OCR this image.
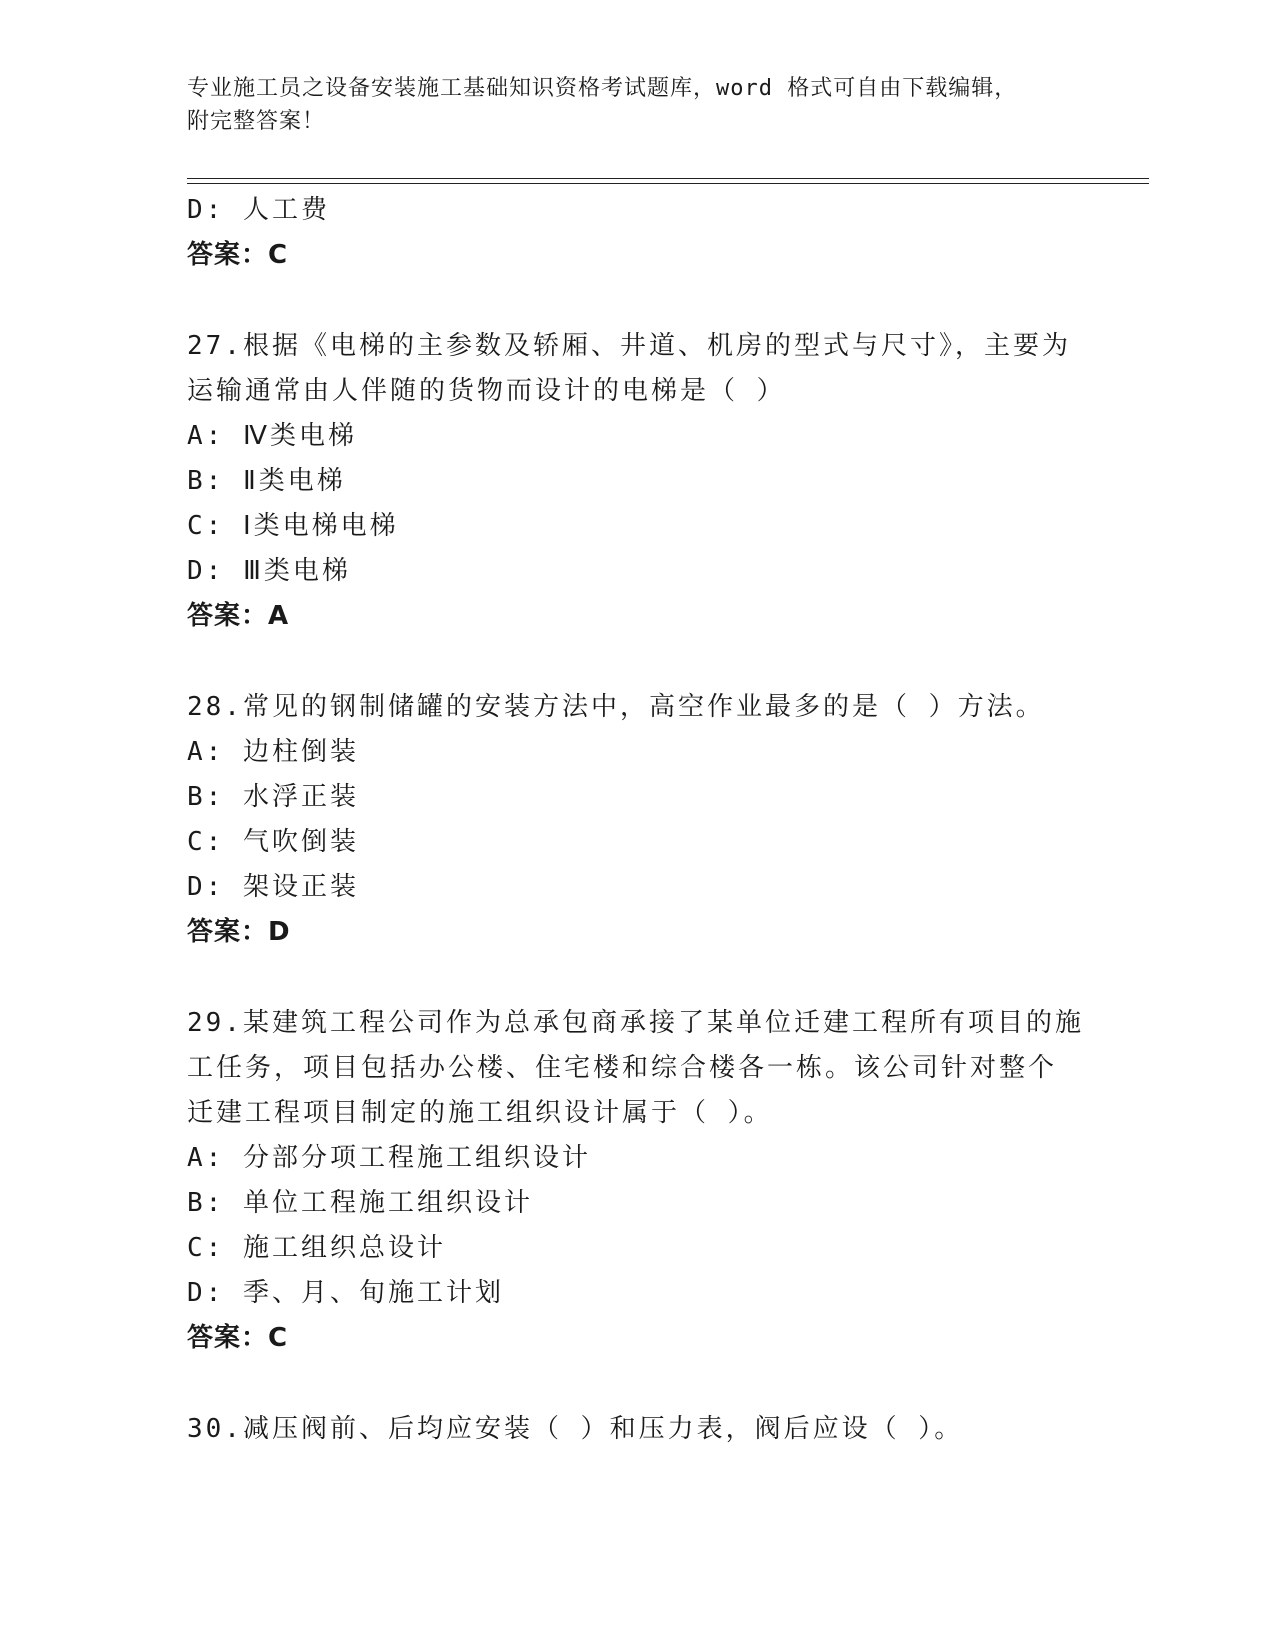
专业施工员之设备安装施工基础知识资格考试题库，word 格式可自由下载编辑，
附完整答案！
D: 人工费
答案：C
27.根据《电梯的主参数及轿厢、井道、机房的型式与尺寸》，主要为
运输通常由人伴随的货物而设计的电梯是（ ）
A: Ⅳ类电梯
B: Ⅱ类电梯
C: Ⅰ类电梯电梯
D: Ⅲ类电梯
答案：A
28.常见的钢制储罐的安装方法中，高空作业最多的是（ ）方法。
A: 边柱倒装
B: 水浮正装
C: 气吹倒装
D: 架设正装
答案：D
29.某建筑工程公司作为总承包商承接了某单位迁建工程所有项目的施
工任务，项目包括办公楼、住宅楼和综合楼各一栋。该公司针对整个
迁建工程项目制定的施工组织设计属于（ ）。
A: 分部分项工程施工组织设计
B: 单位工程施工组织设计
C: 施工组织总设计
D: 季、月、旬施工计划
答案：C
30.减压阀前、后均应安装（ ）和压力表，阀后应设（ ）。
